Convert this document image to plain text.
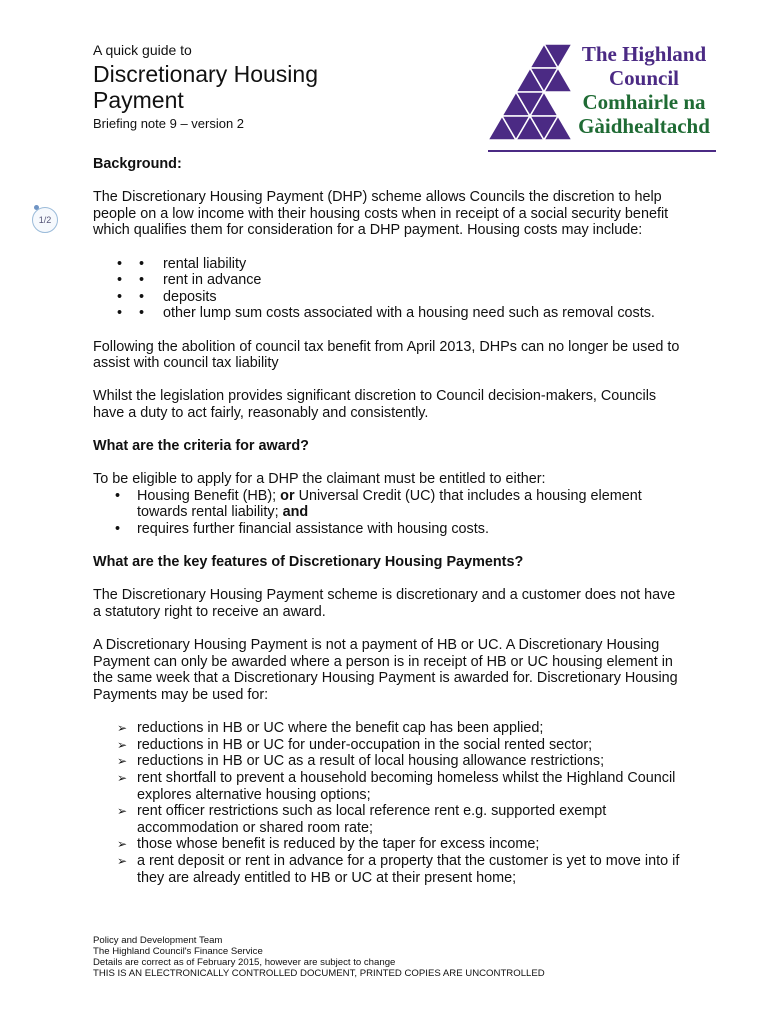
A quick guide to
Discretionary Housing
Payment
Briefing note 9 – version 2
The Highland
Council
Comhairle na
Gàidhealtachd
1/2

Background:

The Discretionary Housing Payment (DHP) scheme allows Councils the discretion to help people on a low income with their housing costs when in receipt of a social security benefit which qualifies them for consideration for a DHP payment. Housing costs may include:

• • rental liability
• • rent in advance
• • deposits
• • other lump sum costs associated with a housing need such as removal costs.

Following the abolition of council tax benefit from April 2013, DHPs can no longer be used to assist with council tax liability

Whilst the legislation provides significant discretion to Council decision-makers, Councils have a duty to act fairly, reasonably and consistently.

What are the criteria for award?

To be eligible to apply for a DHP the claimant must be entitled to either:

• Housing Benefit (HB); or Universal Credit (UC) that includes a housing element towards rental liability; and
• requires further financial assistance with housing costs.

What are the key features of Discretionary Housing Payments?

The Discretionary Housing Payment scheme is discretionary and a customer does not have a statutory right to receive an award.

A Discretionary Housing Payment is not a payment of HB or UC. A Discretionary Housing Payment can only be awarded where a person is in receipt of HB or UC housing element in the same week that a Discretionary Housing Payment is awarded for. Discretionary Housing Payments may be used for:

➢ reductions in HB or UC where the benefit cap has been applied;
➢ reductions in HB or UC for under-occupation in the social rented sector;
➢ reductions in HB or UC as a result of local housing allowance restrictions;
➢ rent shortfall to prevent a household becoming homeless whilst the Highland Council explores alternative housing options;
➢ rent officer restrictions such as local reference rent e.g. supported exempt accommodation or shared room rate;
➢ those whose benefit is reduced by the taper for excess income;
➢ a rent deposit or rent in advance for a property that the customer is yet to move into if they are already entitled to HB or UC at their present home;
Policy and Development Team
The Highland Council's Finance Service
Details are correct as of February 2015, however are subject to change
THIS IS AN ELECTRONICALLY CONTROLLED DOCUMENT, PRINTED COPIES ARE UNCONTROLLED
